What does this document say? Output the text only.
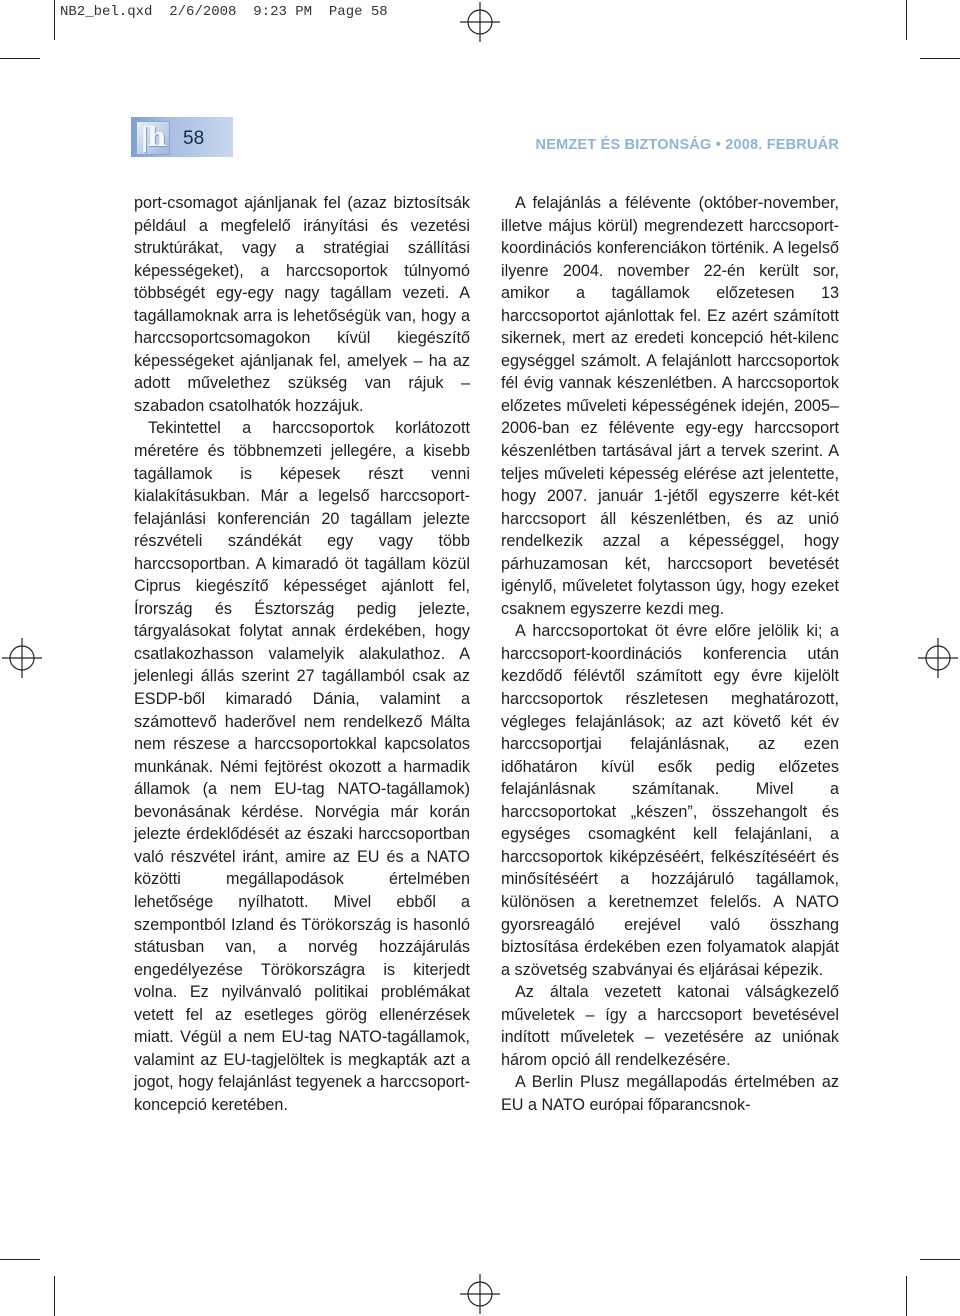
NB2_bel.qxd 2/6/2008 9:23 PM Page 58
|h 58	NEMZET ÉS BIZTONSÁG • 2008. FEBRUÁR

port-csomagot ajánljanak fel (azaz biztosítsák például a megfelelő irányítási és vezetési struktúrákat, vagy a stratégiai szállítási képességeket), a harccsoportok túlnyomó többségét egy-egy nagy tagállam vezeti. A tagállamoknak arra is lehetőségük van, hogy a harccsoportcsomagokon kívül kiegészítő képességeket ajánljanak fel, amelyek – ha az adott művelethez szükség van rájuk – szabadon csatolhatók hozzájuk.

Tekintettel a harccsoportok korlátozott méretére és többnemzeti jellegére, a kisebb tagállamok is képesek részt venni kialakításukban. Már a legelső harccsoport-felajánlási konferencián 20 tagállam jelezte részvételi szándékát egy vagy több harccsoportban. A kimaradó öt tagállam közül Ciprus kiegészítő képességet ajánlott fel, Írország és Észtország pedig jelezte, tárgyalásokat folytat annak érdekében, hogy csatlakozhasson valamelyik alakulathoz. A jelenlegi állás szerint 27 tagállamból csak az ESDP-ből kimaradó Dánia, valamint a számottevő haderővel nem rendelkező Málta nem részese a harccsoportokkal kapcsolatos munkának. Némi fejtörést okozott a harmadik államok (a nem EU-tag NATO-tagállamok) bevonásának kérdése. Norvégia már korán jelezte érdeklődését az északi harccsoportban való részvétel iránt, amire az EU és a NATO közötti megállapodások értelmében lehetősége nyílhatott. Mivel ebből a szempontból Izland és Törökország is hasonló státusban van, a norvég hozzájárulás engedélyezése Törökországra is kiterjedt volna. Ez nyilvánvaló politikai problémákat vetett fel az esetleges görög ellenérzések miatt. Végül a nem EU-tag NATO-tagállamok, valamint az EU-tagjelöltek is megkapták azt a jogot, hogy felajánlást tegyenek a harccsoport-koncepció keretében.

A felajánlás a félévente (október-november, illetve május körül) megrendezett harccsoport-koordinációs konferenciákon történik. A legelső ilyenre 2004. november 22-én került sor, amikor a tagállamok előzetesen 13 harccsoportot ajánlottak fel. Ez azért számított sikernek, mert az eredeti koncepció hét-kilenc egységgel számolt. A felajánlott harccsoportok fél évig vannak készenlétben. A harccsoportok előzetes műveleti képességének idején, 2005–2006-ban ez félévente egy-egy harccsoport készenlétben tartásával járt a tervek szerint. A teljes műveleti képesség elérése azt jelentette, hogy 2007. január 1-jétől egyszerre két-két harccsoport áll készenlétben, és az unió rendelkezik azzal a képességgel, hogy párhuzamosan két, harccsoport bevetését igénylő, műveletet folytasson úgy, hogy ezeket csaknem egyszerre kezdi meg.

A harccsoportokat öt évre előre jelölik ki; a harccsoport-koordinációs konferencia után kezdődő félévtől számított egy évre kijelölt harccsoportok részletesen meghatározott, végleges felajánlások; az azt követő két év harccsoportjai felajánlásnak, az ezen időhatáron kívül esők pedig előzetes felajánlásnak számítanak. Mivel a harccsoportokat „készen”, összehangolt és egységes csomagként kell felajánlani, a harccsoportok kiképzéséért, felkészítéséért és minősítéséért a hozzájáruló tagállamok, különösen a keretnemzet felelős. A NATO gyorsreagáló erejével való összhang biztosítása érdekében ezen folyamatok alapját a szövetség szabványai és eljárásai képezik.

Az általa vezetett katonai válságkezelő műveletek – így a harccsoport bevetésével indított műveletek – vezetésére az uniónak három opció áll rendelkezésére.

A Berlin Plusz megállapodás értelmében az EU a NATO európai főparancsnok-
